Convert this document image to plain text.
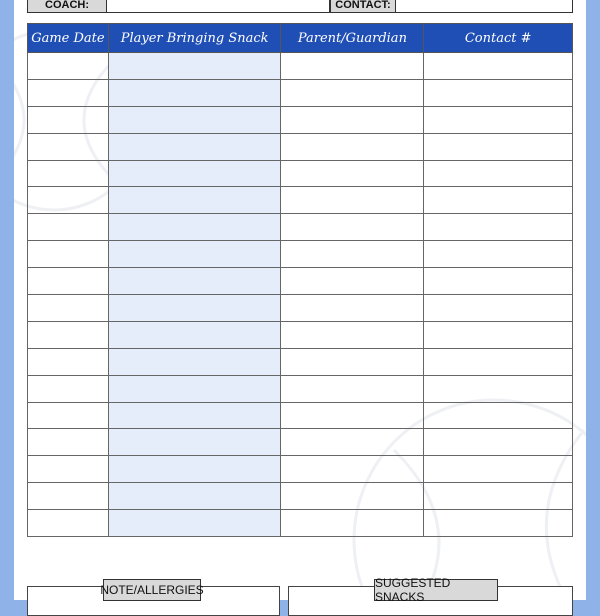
COACH:	CONTACT:
Game Date	Player Bringing Snack	Parent/Guardian	Contact #

NOTE/ALLERGIES	SUGGESTED SNACKS
